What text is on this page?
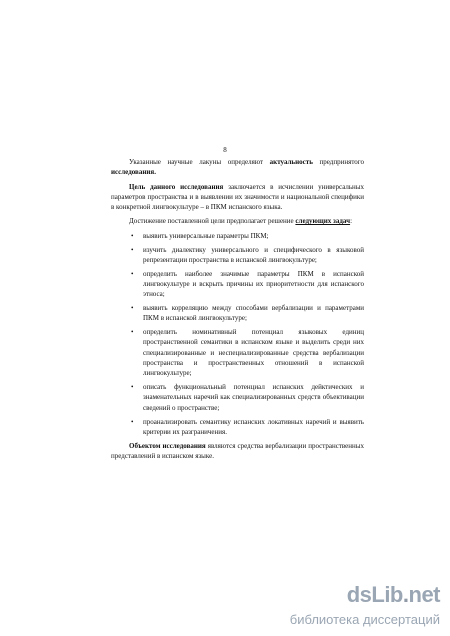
8

Указанные научные лакуны определяют актуальность предпринятого исследования.

Цель данного исследования заключается в исчислении универсальных параметров пространства и в выявлении их значимости и национальной специфики в конкретной лингвокультуре – в ПКМ испанского языка.

Достижение поставленной цели предполагает решение следующих задач:

• выявить универсальные параметры ПКМ;
• изучить диалектику универсального и специфического в языковой репрезентации пространства в испанской лингвокультуре;
• определить наиболее значимые параметры ПКМ в испанской лингвокультуре и вскрыть причины их приоритетности для испанского этноса;
• выявить корреляцию между способами вербализации и параметрами ПКМ в испанской лингвокультуре;
• определить номинативный потенциал языковых единиц пространственной семантики в испанском языке и выделить среди них специализированные и неспециализированные средства вербализации пространства и пространственных отношений в испанской лингвокультуре;
• описать функциональный потенциал испанских дейктических и знаменательных наречий как специализированных средств объективации сведений о пространстве;
• проанализировать семантику испанских локативных наречий и выявить критерии их разграничения.

Объектом исследования являются средства вербализации пространственных представлений в испанском языке.

dsLib.net
библиотека диссертаций
